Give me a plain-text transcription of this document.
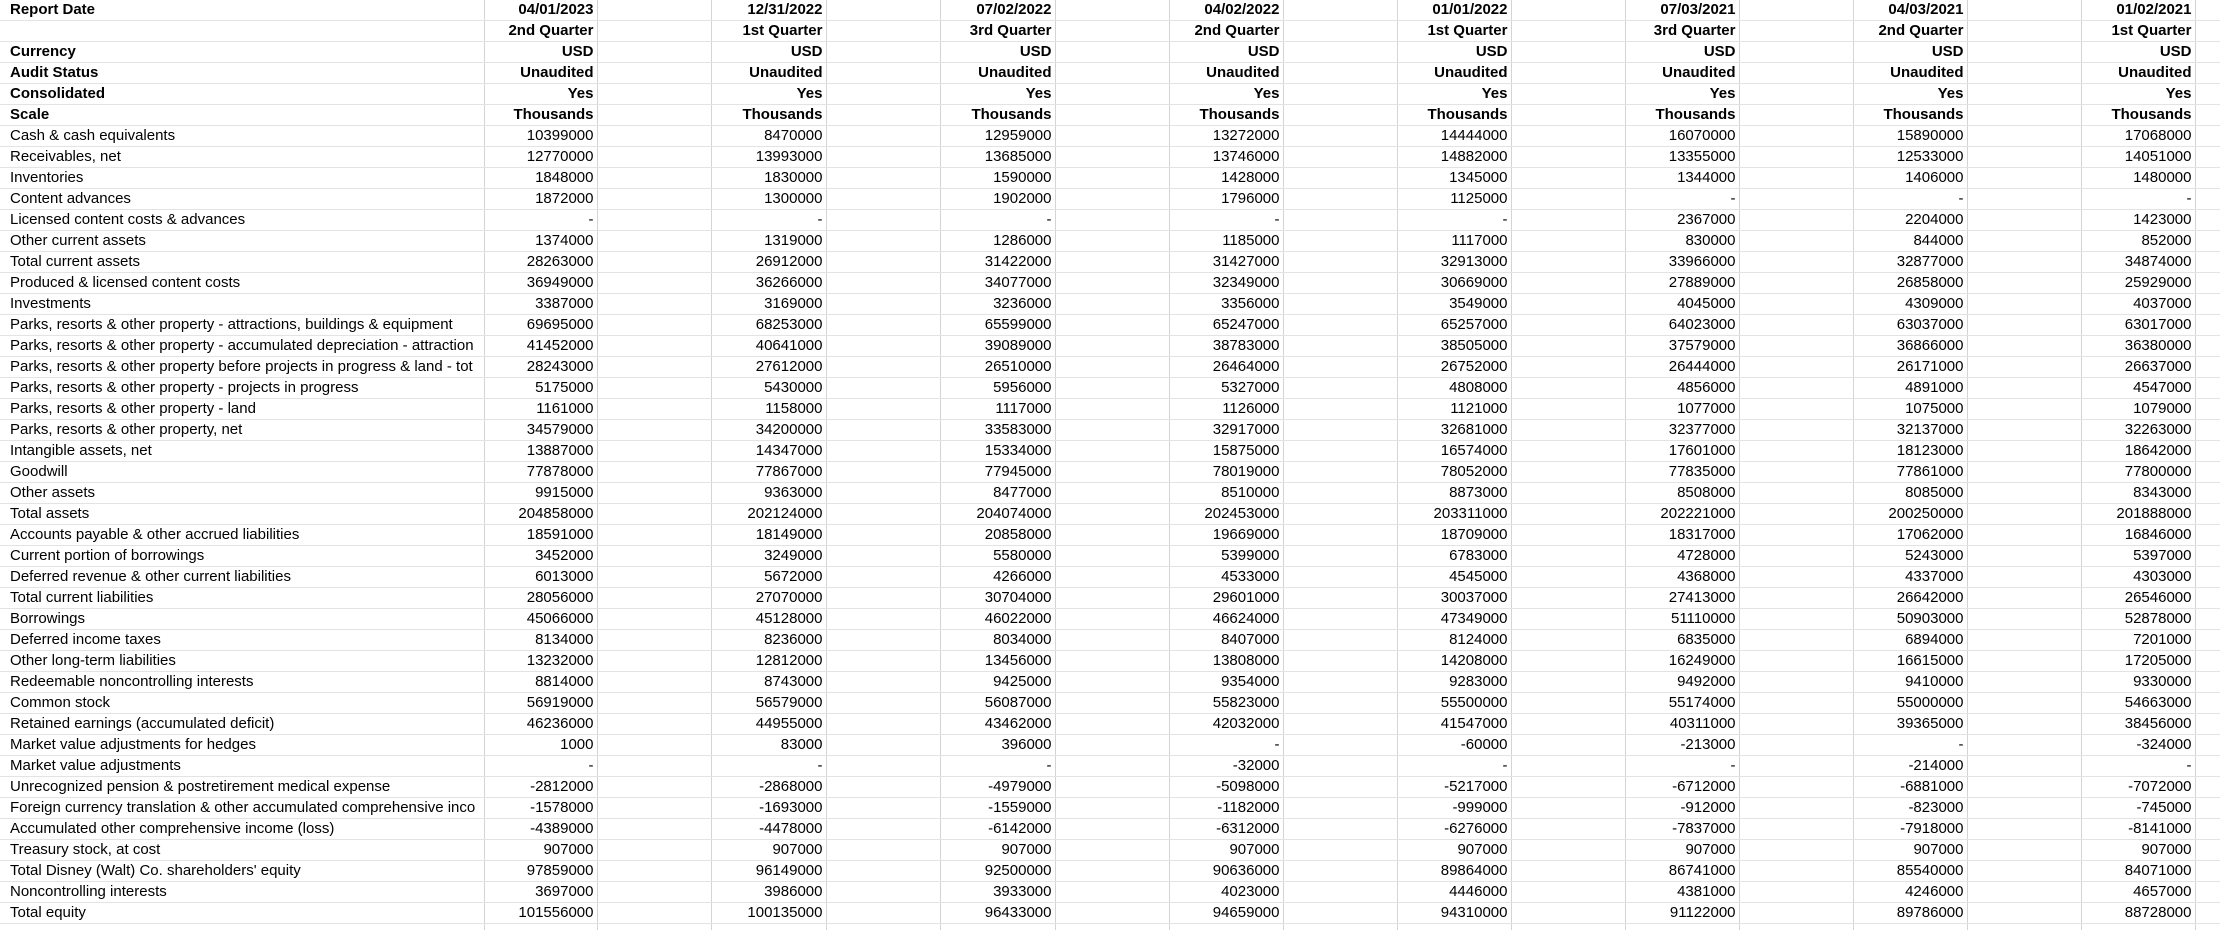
Report Date	04/01/2023		12/31/2022		07/02/2022		04/02/2022		01/01/2022		07/03/2021		04/03/2021		01/02/2021	
	2nd Quarter		1st Quarter		3rd Quarter		2nd Quarter		1st Quarter		3rd Quarter		2nd Quarter		1st Quarter	
Currency	USD		USD		USD		USD		USD		USD		USD		USD	
Audit Status	Unaudited		Unaudited		Unaudited		Unaudited		Unaudited		Unaudited		Unaudited		Unaudited	
Consolidated	Yes		Yes		Yes		Yes		Yes		Yes		Yes		Yes	
Scale	Thousands		Thousands		Thousands		Thousands		Thousands		Thousands		Thousands		Thousands	
Cash & cash equivalents	10399000		8470000		12959000		13272000		14444000		16070000		15890000		17068000	
Receivables, net	12770000		13993000		13685000		13746000		14882000		13355000		12533000		14051000	
Inventories	1848000		1830000		1590000		1428000		1345000		1344000		1406000		1480000	
Content advances	1872000		1300000		1902000		1796000		1125000		-		-		-	
Licensed content costs & advances	-		-		-		-		-		2367000		2204000		1423000	
Other current assets	1374000		1319000		1286000		1185000		1117000		830000		844000		852000	
Total current assets	28263000		26912000		31422000		31427000		32913000		33966000		32877000		34874000	
Produced & licensed content costs	36949000		36266000		34077000		32349000		30669000		27889000		26858000		25929000	
Investments	3387000		3169000		3236000		3356000		3549000		4045000		4309000		4037000	
Parks, resorts & other property - attractions, buildings & equipment	69695000		68253000		65599000		65247000		65257000		64023000		63037000		63017000	
Parks, resorts & other property - accumulated depreciation - attraction	41452000		40641000		39089000		38783000		38505000		37579000		36866000		36380000	
Parks, resorts & other property before projects in progress & land - tot	28243000		27612000		26510000		26464000		26752000		26444000		26171000		26637000	
Parks, resorts & other property - projects in progress	5175000		5430000		5956000		5327000		4808000		4856000		4891000		4547000	
Parks, resorts & other property - land	1161000		1158000		1117000		1126000		1121000		1077000		1075000		1079000	
Parks, resorts & other property, net	34579000		34200000		33583000		32917000		32681000		32377000		32137000		32263000	
Intangible assets, net	13887000		14347000		15334000		15875000		16574000		17601000		18123000		18642000	
Goodwill	77878000		77867000		77945000		78019000		78052000		77835000		77861000		77800000	
Other assets	9915000		9363000		8477000		8510000		8873000		8508000		8085000		8343000	
Total assets	204858000		202124000		204074000		202453000		203311000		202221000		200250000		201888000	
Accounts payable & other accrued liabilities	18591000		18149000		20858000		19669000		18709000		18317000		17062000		16846000	
Current portion of borrowings	3452000		3249000		5580000		5399000		6783000		4728000		5243000		5397000	
Deferred revenue & other current liabilities	6013000		5672000		4266000		4533000		4545000		4368000		4337000		4303000	
Total current liabilities	28056000		27070000		30704000		29601000		30037000		27413000		26642000		26546000	
Borrowings	45066000		45128000		46022000		46624000		47349000		51110000		50903000		52878000	
Deferred income taxes	8134000		8236000		8034000		8407000		8124000		6835000		6894000		7201000	
Other long-term liabilities	13232000		12812000		13456000		13808000		14208000		16249000		16615000		17205000	
Redeemable noncontrolling interests	8814000		8743000		9425000		9354000		9283000		9492000		9410000		9330000	
Common stock	56919000		56579000		56087000		55823000		55500000		55174000		55000000		54663000	
Retained earnings (accumulated deficit)	46236000		44955000		43462000		42032000		41547000		40311000		39365000		38456000	
Market value adjustments for hedges	1000		83000		396000		-		-60000		-213000		-		-324000	
Market value adjustments	-		-		-		-32000		-		-		-214000		-	
Unrecognized pension & postretirement medical expense	-2812000		-2868000		-4979000		-5098000		-5217000		-6712000		-6881000		-7072000	
Foreign currency translation & other accumulated comprehensive inco	-1578000		-1693000		-1559000		-1182000		-999000		-912000		-823000		-745000	
Accumulated other comprehensive income (loss)	-4389000		-4478000		-6142000		-6312000		-6276000		-7837000		-7918000		-8141000	
Treasury stock, at cost	907000		907000		907000		907000		907000		907000		907000		907000	
Total Disney (Walt) Co. shareholders' equity	97859000		96149000		92500000		90636000		89864000		86741000		85540000		84071000	
Noncontrolling interests	3697000		3986000		3933000		4023000		4446000		4381000		4246000		4657000	
Total equity	101556000		100135000		96433000		94659000		94310000		91122000		89786000		88728000	
